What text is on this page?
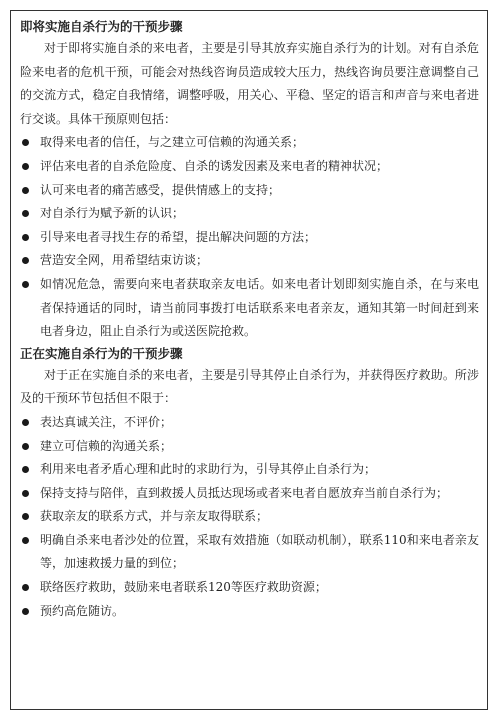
即将实施自杀行为的干预步骤

对于即将实施自杀的来电者，主要是引导其放弃实施自杀行为的计划。对有自杀危险来电者的危机干预，可能会对热线咨询员造成较大压力，热线咨询员要注意调整自己的交流方式，稳定自我情绪，调整呼吸，用关心、平稳、坚定的语言和声音与来电者进行交谈。具体干预原则包括：

取得来电者的信任，与之建立可信赖的沟通关系；
评估来电者的自杀危险度、自杀的诱发因素及来电者的精神状况；
认可来电者的痛苦感受，提供情感上的支持；
对自杀行为赋予新的认识；
引导来电者寻找生存的希望，提出解决问题的方法；
营造安全网，用希望结束访谈；
如情况危急，需要向来电者获取亲友电话。如来电者计划即刻实施自杀，在与来电者保持通话的同时，请当前同事拨打电话联系来电者亲友，通知其第一时间赶到来电者身边，阻止自杀行为或送医院抢救。

正在实施自杀行为的干预步骤

对于正在实施自杀的来电者，主要是引导其停止自杀行为，并获得医疗救助。所涉及的干预环节包括但不限于：

表达真诚关注，不评价；
建立可信赖的沟通关系；
利用来电者矛盾心理和此时的求助行为，引导其停止自杀行为；
保持支持与陪伴，直到救援人员抵达现场或者来电者自愿放弃当前自杀行为；
获取亲友的联系方式，并与亲友取得联系；
明确自杀来电者沙处的位置，采取有效措施（如联动机制），联系110和来电者亲友等，加速救援力量的到位；
联络医疗救助，鼓励来电者联系120等医疗救助资源；
预约高危随访。
